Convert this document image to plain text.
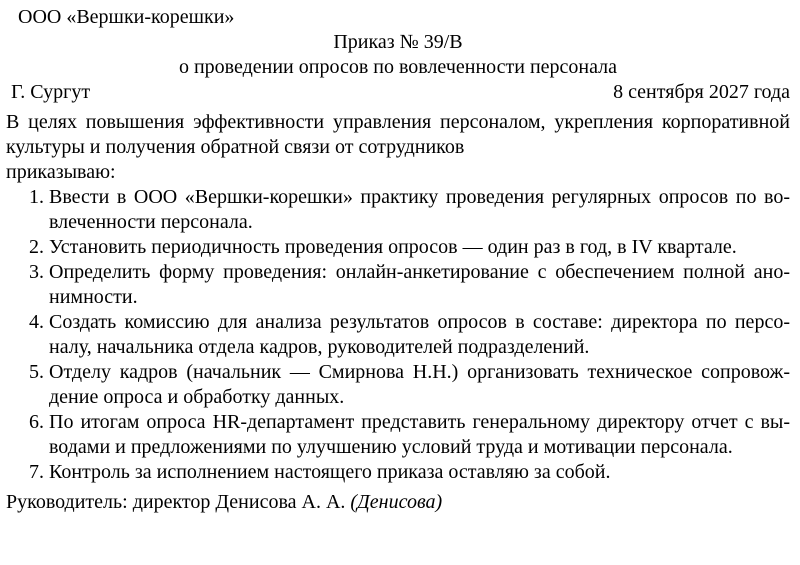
ООО «Вершки-корешки»

Приказ № 39/В

о проведении опросов по вовлеченности персонала

Г. Сургут	8 сентября 2027 года

В целях повышения эффективности управления персоналом, укрепления корпоративной культуры и получения обратной связи от сотрудников

приказываю:

1. Ввести в ООО «Вершки-корешки» практику проведения регулярных опросов по вовлеченности персонала.
2. Установить периодичность проведения опросов — один раз в год, в IV квартале.
3. Определить форму проведения: онлайн-анкетирование с обеспечением полной анонимности.
4. Создать комиссию для анализа результатов опросов в составе: директора по персоналу, начальника отдела кадров, руководителей подразделений.
5. Отделу кадров (начальник — Смирнова Н.Н.) организовать техническое сопровождение опроса и обработку данных.
6. По итогам опроса HR-департамент представить генеральному директору отчет с выводами и предложениями по улучшению условий труда и мотивации персонала.
7. Контроль за исполнением настоящего приказа оставляю за собой.

Руководитель: директор Денисова А. А. (Денисова)
